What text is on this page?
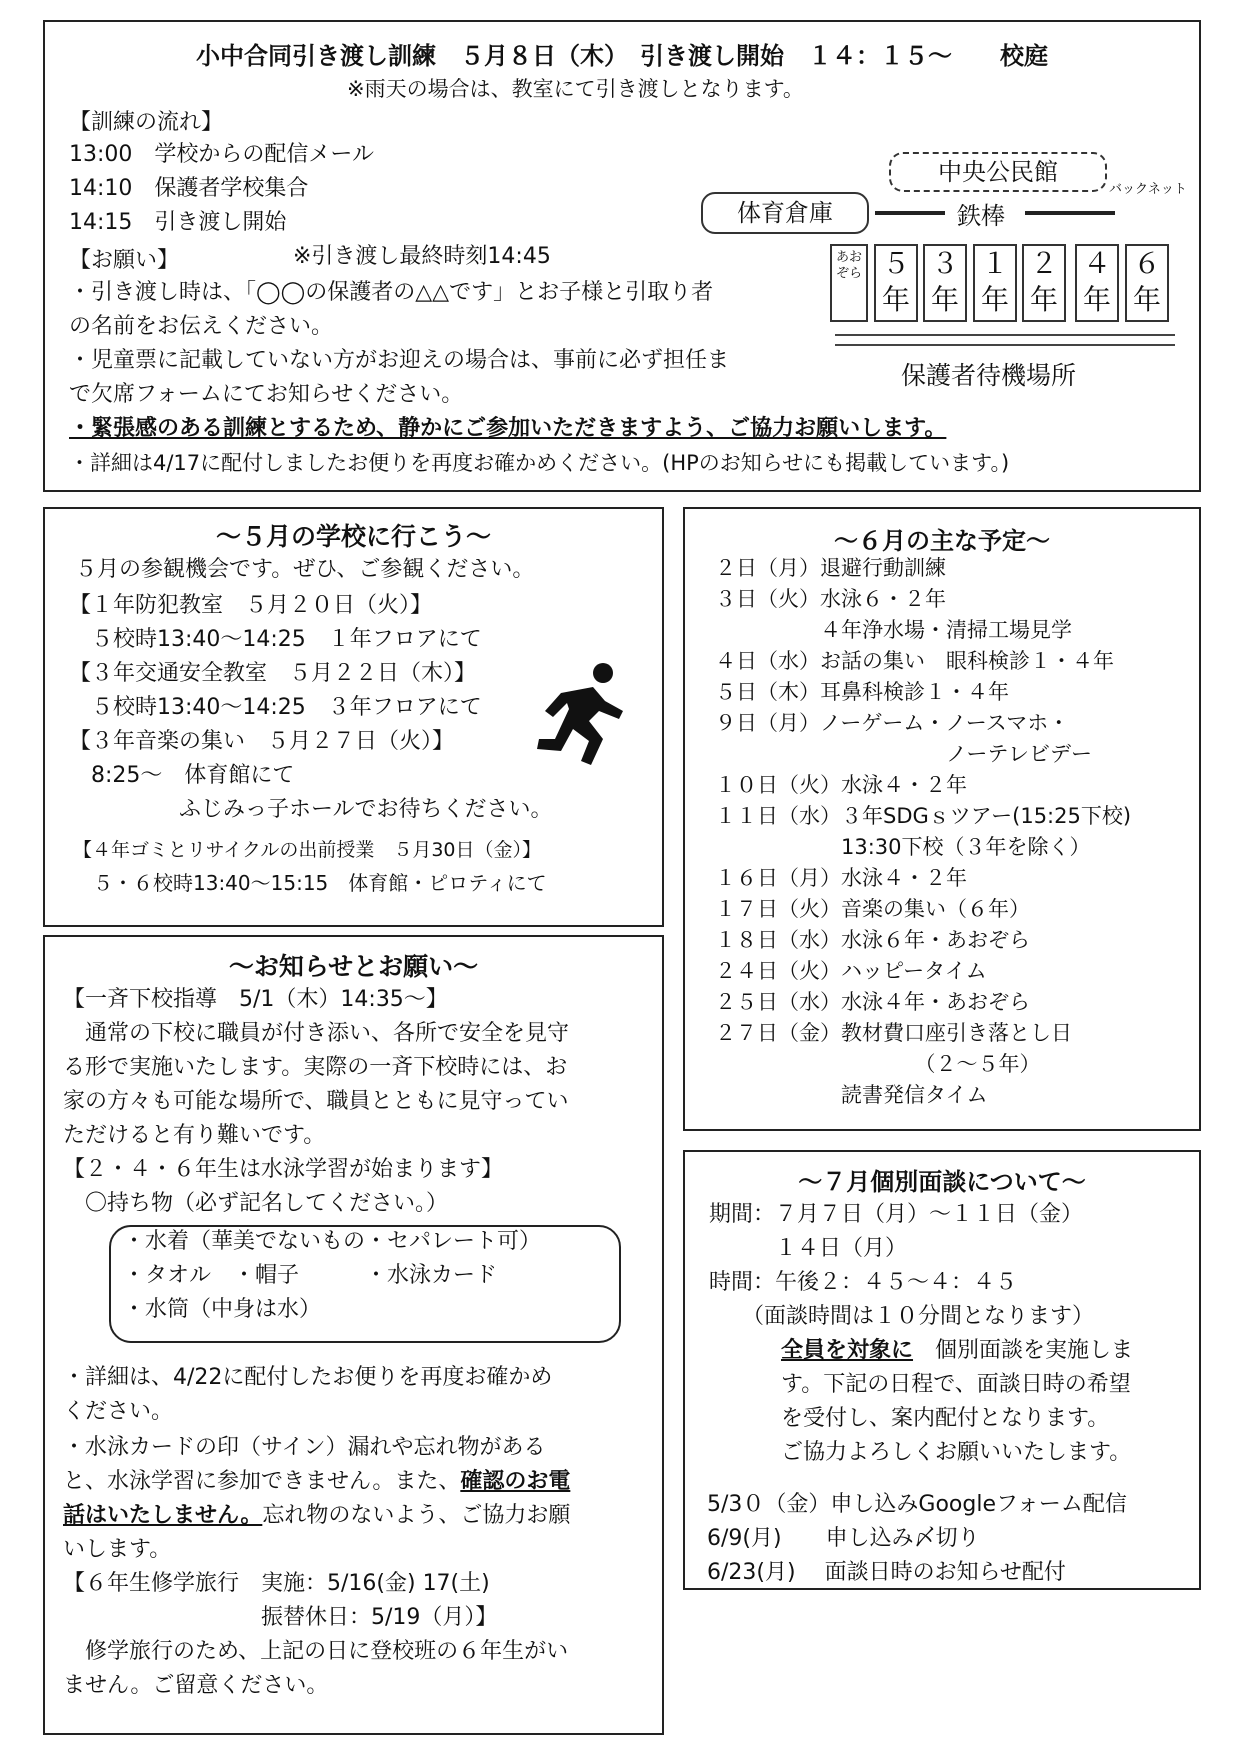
小中合同引き渡し訓練　５月８日（木）　引き渡し開始　１４：１５～　　校庭
※雨天の場合は、教室にて引き渡しとなります。
【訓練の流れ】
13:00　学校からの配信メール
14:10　保護者学校集合
14:15　引き渡し開始
【お願い】	※引き渡し最終時刻14:45
・引き渡し時は、「◯◯の保護者の△△です」とお子様と引取り者
の名前をお伝えください。
・児童票に記載していない方がお迎えの場合は、事前に必ず担任ま
で欠席フォームにてお知らせください。
・緊張感のある訓練とするため、静かにご参加いただきますよう、ご協力お願いします。
・詳細は4/17に配付しましたお便りを再度お確かめください。(HPのお知らせにも掲載しています。)
中央公民館
バックネット
体育倉庫	鉄棒
あおぞら ５年
３年
１年
２年
４年
６年
保護者待機場所
～５月の学校に行こう～
５月の参観機会です。ぜひ、ご参観ください。
【１年防犯教室　５月２０日（火）】
　５校時13:40～14:25　１年フロアにて
【３年交通安全教室　５月２２日（木）】
　５校時13:40～14:25　３年フロアにて
【３年音楽の集い　５月２７日（火）】
　8:25～　体育館にて
　　　　　ふじみっ子ホールでお待ちください。
【４年ゴミとリサイクルの出前授業　５月30日（金）】
５・６校時13:40～15:15　体育館・ピロティにて
～お知らせとお願い～
【一斉下校指導　5/1（木）14:35～】
　通常の下校に職員が付き添い、各所で安全を見守
る形で実施いたします。実際の一斉下校時には、お
家の方々も可能な場所で、職員とともに見守ってい
ただけると有り難いです。
【２・４・６年生は水泳学習が始まります】
　〇持ち物（必ず記名してください。）
・水着（華美でないもの・セパレート可）
・タオル　・帽子　　　・水泳カード
・水筒（中身は水）
・詳細は、4/22に配付したお便りを再度お確かめ
ください。
・水泳カードの印（サイン）漏れや忘れ物がある
と、水泳学習に参加できません。また、確認のお電
話はいたしません。忘れ物のないよう、ご協力お願
いします。
【６年生修学旅行　実施：5/16(金) 17(土)
　　　　　　　　　振替休日：5/19（月）】
　修学旅行のため、上記の日に登校班の６年生がい
ません。ご留意ください。
～６月の主な予定～
２日（月）退避行動訓練
３日（火）水泳６・２年
　　　　　４年浄水場・清掃工場見学
４日（水）お話の集い　眼科検診１・４年
５日（木）耳鼻科検診１・４年
９日（月）ノーゲーム・ノースマホ・
　　　　　　　　　　　ノーテレビデー
１０日（火）水泳４・２年
１１日（水）３年SDGｓツアー(15:25下校)
　　　　　　13:30下校（３年を除く）
１６日（月）水泳４・２年
１７日（火）音楽の集い（６年）
１８日（水）水泳６年・あおぞら
２４日（火）ハッピータイム
２５日（水）水泳４年・あおぞら
２７日（金）教材費口座引き落とし日
　　　　　　　　　　（２～５年）
　　　　　　読書発信タイム
～７月個別面談について～
期間：７月７日（月）～１１日（金）
　　　１４日（月）
時間：午後２：４５～４：４５
　　（面談時間は１０分間となります）
全員を対象に　個別面談を実施しま
す。下記の日程で、面談日時の希望
を受付し、案内配付となります。
ご協力よろしくお願いいたします。
5/3０（金）申し込みGoogleフォーム配信
6/9(月)　　申し込み〆切り
6/23(月)　 面談日時のお知らせ配付
